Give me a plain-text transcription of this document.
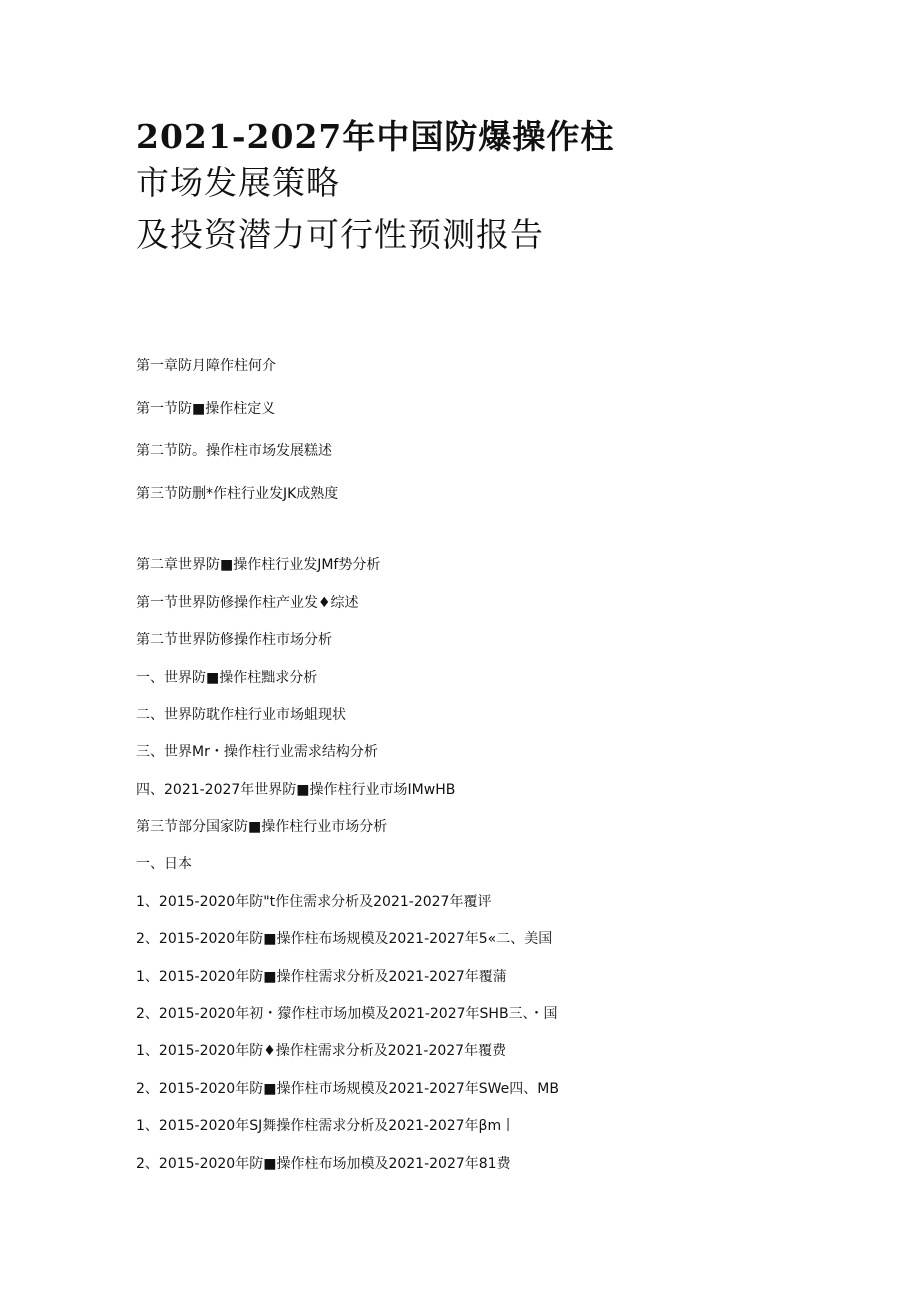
2021-2027年中国防爆操作柱
市场发展策略
及投资潜力可行性预测报告
第一章防月障作柱何介
第一节防■操作柱定义
第二节防。操作柱市场发展糕述
第三节防删*作柱行业发JK成熟度
第二章世界防■操作柱行业发JMf势分析
第一节世界防修操作柱产业发♦综述
第二节世界防修操作柱市场分析
一、世界防■操作柱黜求分析
二、世界防耽作柱行业市场蛆现状
三、世界Mr・操作柱行业需求结构分析
四、2021-2027年世界防■操作柱行业市场IMwHB
第三节部分国家防■操作柱行业市场分析
一、日本
1、2015-2020年防"t作住需求分析及2021-2027年覆评
2、2015-2020年防■操作柱布场规模及2021-2027年5«二、美国
1、2015-2020年防■操作柱需求分析及2021-2027年覆蒲
2、2015-2020年初・獴作柱市场加模及2021-2027年SHB三、・国
1、2015-2020年防♦操作柱需求分析及2021-2027年覆费
2、2015-2020年防■操作柱市场规模及2021-2027年SWe四、MB
1、2015-2020年SJ舞操作柱需求分析及2021-2027年βm丨
2、2015-2020年防■操作柱布场加模及2021-2027年81费
